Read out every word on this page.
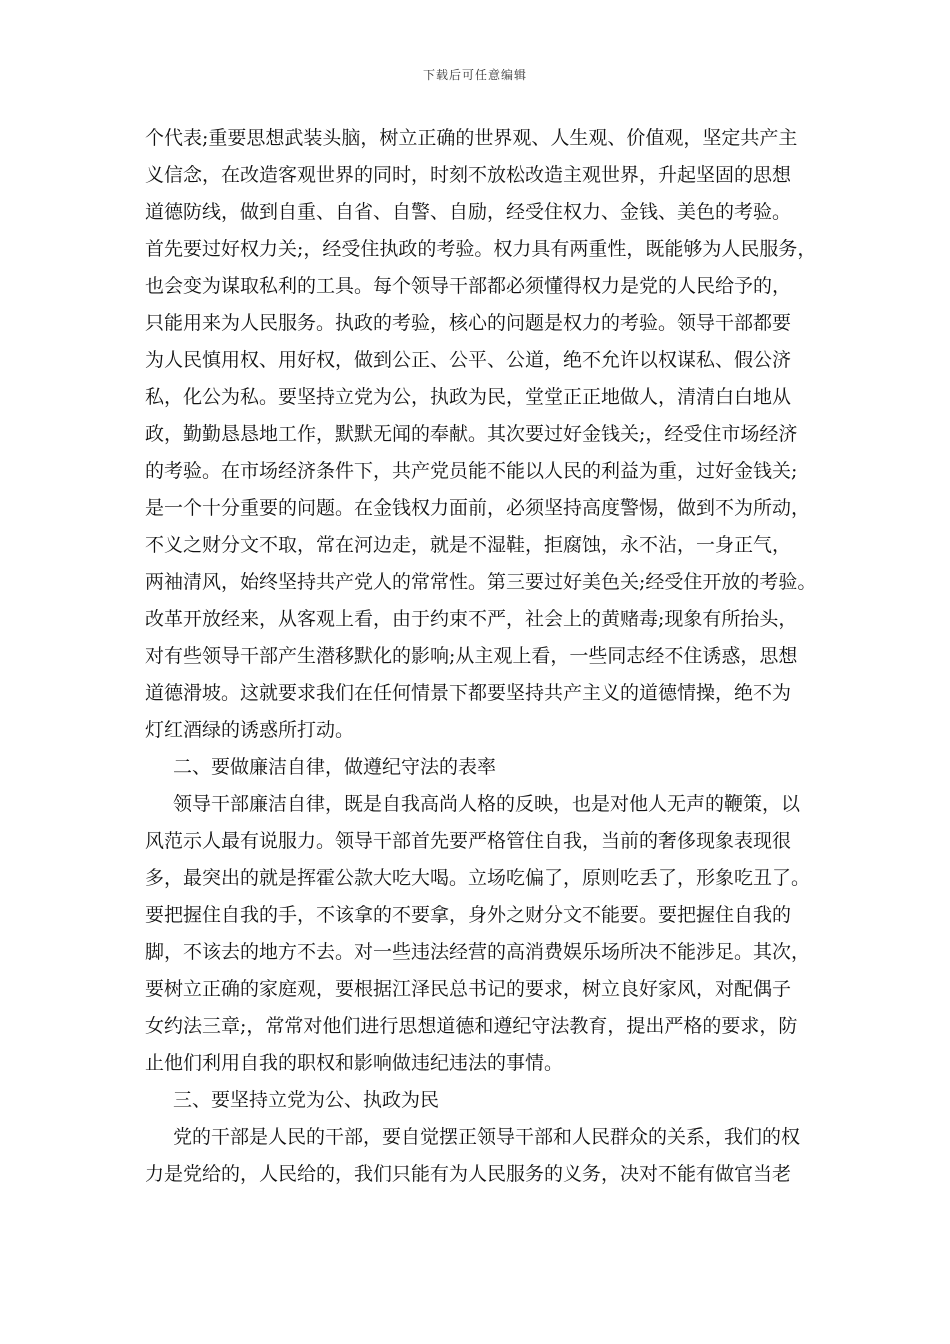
下载后可任意编辑
个代表;重要思想武装头脑，树立正确的世界观、人生观、价值观，坚定共产主
义信念，在改造客观世界的同时，时刻不放松改造主观世界，升起坚固的思想
道德防线，做到自重、自省、自警、自励，经受住权力、金钱、美色的考验。
首先要过好权力关;，经受住执政的考验。权力具有两重性，既能够为人民服务，
也会变为谋取私利的工具。每个领导干部都必须懂得权力是党的人民给予的，
只能用来为人民服务。执政的考验，核心的问题是权力的考验。领导干部都要
为人民慎用权、用好权，做到公正、公平、公道，绝不允许以权谋私、假公济
私，化公为私。要坚持立党为公，执政为民，堂堂正正地做人，清清白白地从
政，勤勤恳恳地工作，默默无闻的奉献。其次要过好金钱关;，经受住市场经济
的考验。在市场经济条件下，共产党员能不能以人民的利益为重，过好金钱关;
是一个十分重要的问题。在金钱权力面前，必须坚持高度警惕，做到不为所动，
不义之财分文不取，常在河边走，就是不湿鞋，拒腐蚀，永不沾，一身正气，
两袖清风，始终坚持共产党人的常常性。第三要过好美色关;经受住开放的考验。
改革开放经来，从客观上看，由于约束不严，社会上的黄赌毒;现象有所抬头，
对有些领导干部产生潜移默化的影响;从主观上看，一些同志经不住诱惑，思想
道德滑坡。这就要求我们在任何情景下都要坚持共产主义的道德情操，绝不为
灯红酒绿的诱惑所打动。
二、要做廉洁自律，做遵纪守法的表率
领导干部廉洁自律，既是自我高尚人格的反映，也是对他人无声的鞭策，以
风范示人最有说服力。领导干部首先要严格管住自我，当前的奢侈现象表现很
多，最突出的就是挥霍公款大吃大喝。立场吃偏了，原则吃丢了，形象吃丑了。
要把握住自我的手，不该拿的不要拿，身外之财分文不能要。要把握住自我的
脚，不该去的地方不去。对一些违法经营的高消费娱乐场所决不能涉足。其次，
要树立正确的家庭观，要根据江泽民总书记的要求，树立良好家风，对配偶子
女约法三章;，常常对他们进行思想道德和遵纪守法教育，提出严格的要求，防
止他们利用自我的职权和影响做违纪违法的事情。
三、要坚持立党为公、执政为民
党的干部是人民的干部，要自觉摆正领导干部和人民群众的关系，我们的权
力是党给的，人民给的，我们只能有为人民服务的义务，决对不能有做官当老
